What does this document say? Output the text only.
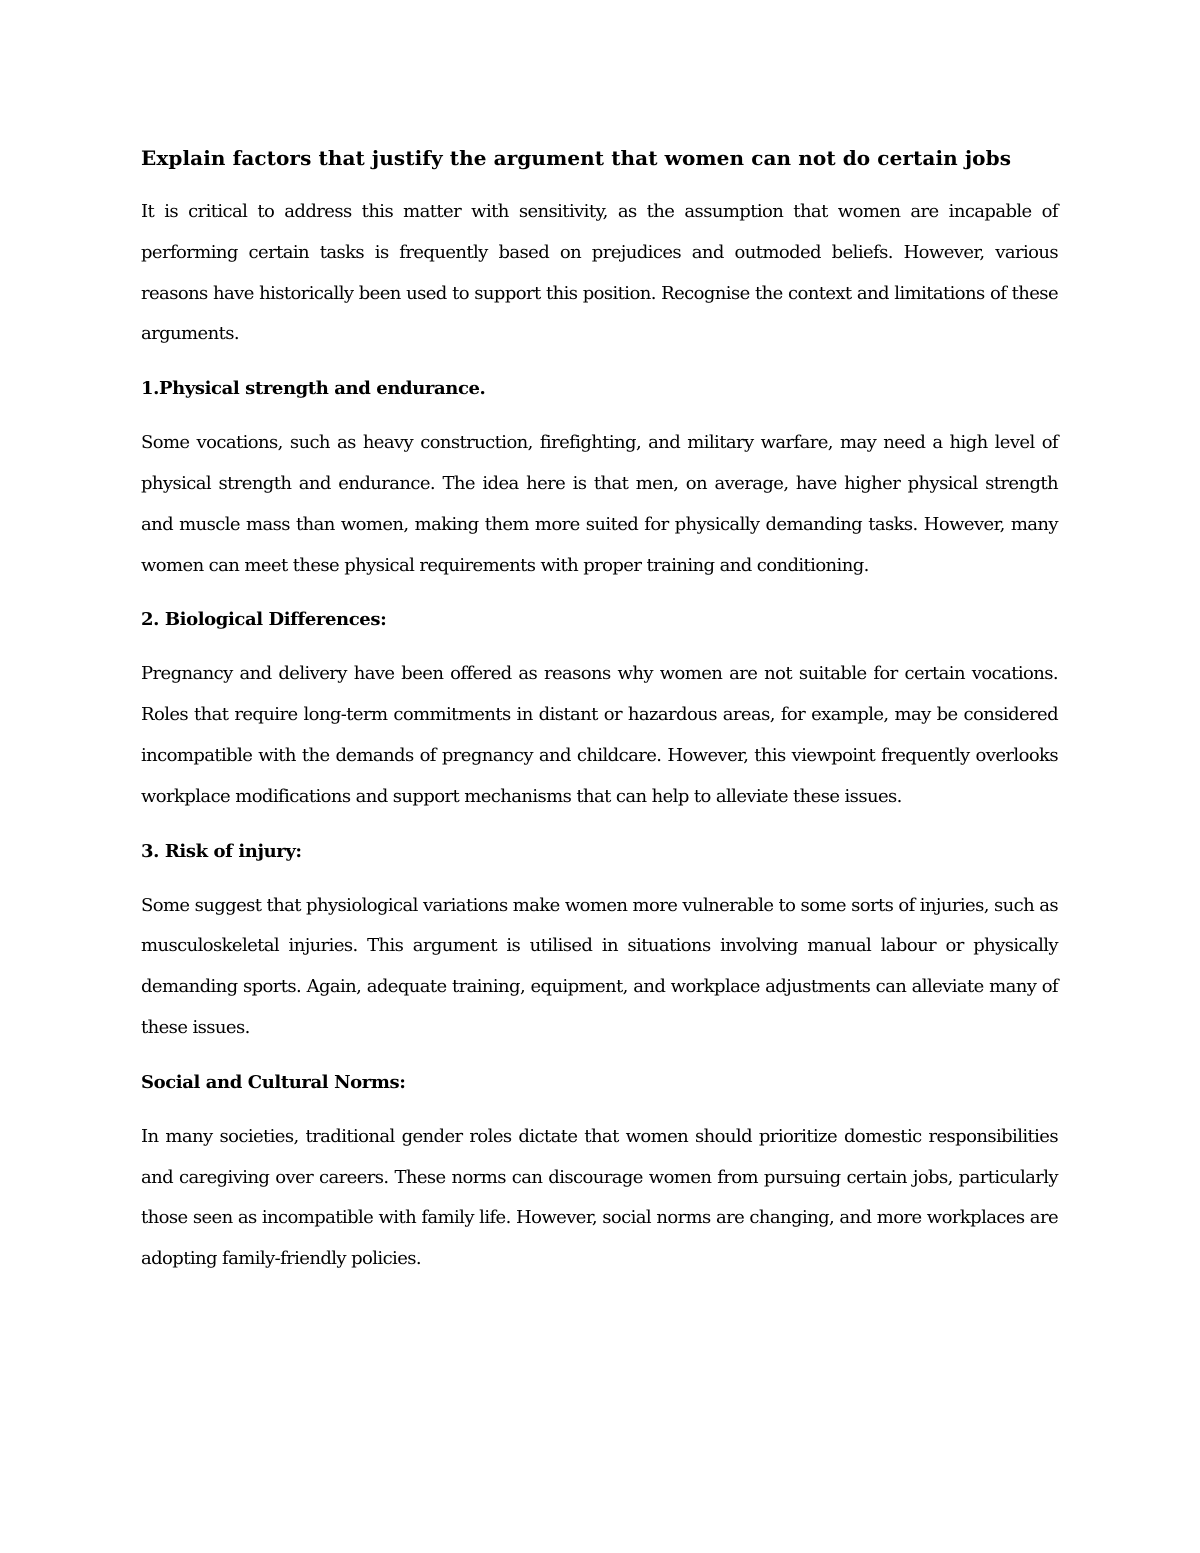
Explain factors that justify the argument that women can not do certain jobs

It is critical to address this matter with sensitivity, as the assumption that women are incapable of performing certain tasks is frequently based on prejudices and outmoded beliefs. However, various reasons have historically been used to support this position. Recognise the context and limitations of these arguments.

1.Physical strength and endurance.

Some vocations, such as heavy construction, firefighting, and military warfare, may need a high level of physical strength and endurance. The idea here is that men, on average, have higher physical strength and muscle mass than women, making them more suited for physically demanding tasks. However, many women can meet these physical requirements with proper training and conditioning.

2. Biological Differences:

Pregnancy and delivery have been offered as reasons why women are not suitable for certain vocations. Roles that require long-term commitments in distant or hazardous areas, for example, may be considered incompatible with the demands of pregnancy and childcare. However, this viewpoint frequently overlooks workplace modifications and support mechanisms that can help to alleviate these issues.

3. Risk of injury:

Some suggest that physiological variations make women more vulnerable to some sorts of injuries, such as musculoskeletal injuries. This argument is utilised in situations involving manual labour or physically demanding sports. Again, adequate training, equipment, and workplace adjustments can alleviate many of these issues.

Social and Cultural Norms:

In many societies, traditional gender roles dictate that women should prioritize domestic responsibilities and caregiving over careers. These norms can discourage women from pursuing certain jobs, particularly those seen as incompatible with family life. However, social norms are changing, and more workplaces are adopting family-friendly policies.
